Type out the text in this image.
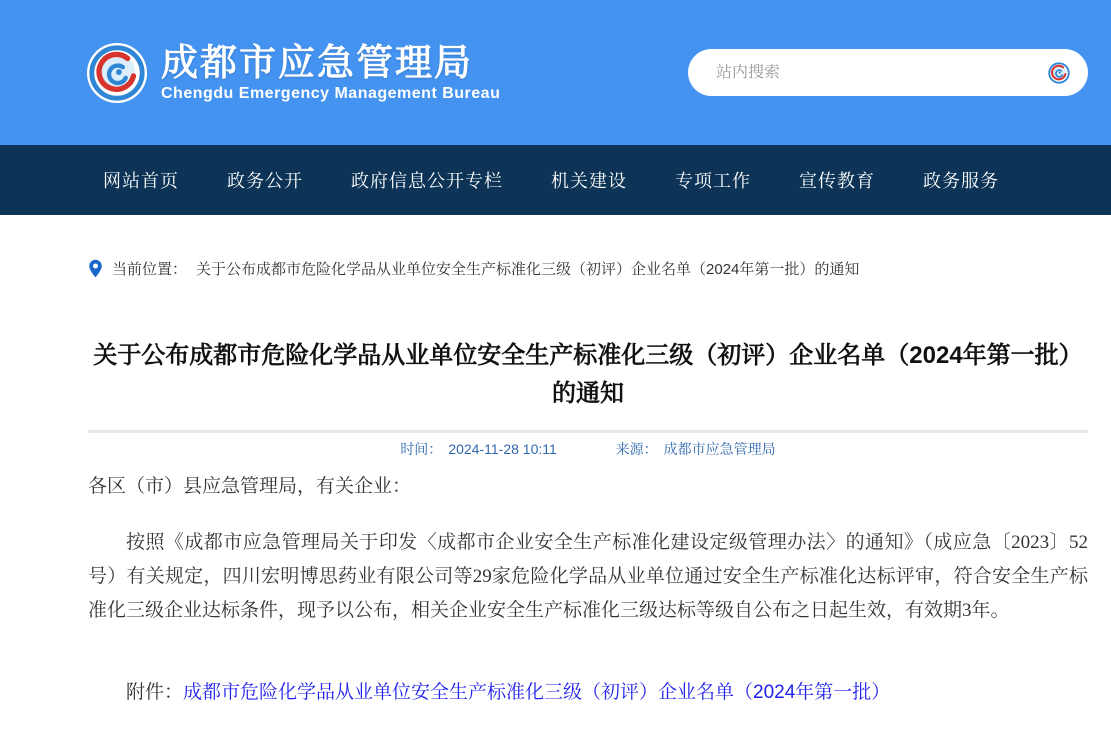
成都市应急管理局
Chengdu Emergency Management Bureau
站内搜索
网站首页	政务公开	政府信息公开专栏	机关建设	专项工作	宣传教育	政务服务
当前位置： 关于公布成都市危险化学品从业单位安全生产标准化三级（初评）企业名单（2024年第一批）的通知
关于公布成都市危险化学品从业单位安全生产标准化三级（初评）企业名单（2024年第一批）
的通知
时间： 2024-11-28 10:11	来源： 成都市应急管理局

各区（市）县应急管理局，有关企业：

按照《成都市应急管理局关于印发〈成都市企业安全生产标准化建设定级管理办法〉的通知》（成应急〔2023〕52号）有关规定，四川宏明博思药业有限公司等29家危险化学品从业单位通过安全生产标准化达标评审，符合安全生产标准化三级企业达标条件，现予以公布，相关企业安全生产标准化三级达标等级自公布之日起生效，有效期3年。

附件：成都市危险化学品从业单位安全生产标准化三级（初评）企业名单（2024年第一批）
